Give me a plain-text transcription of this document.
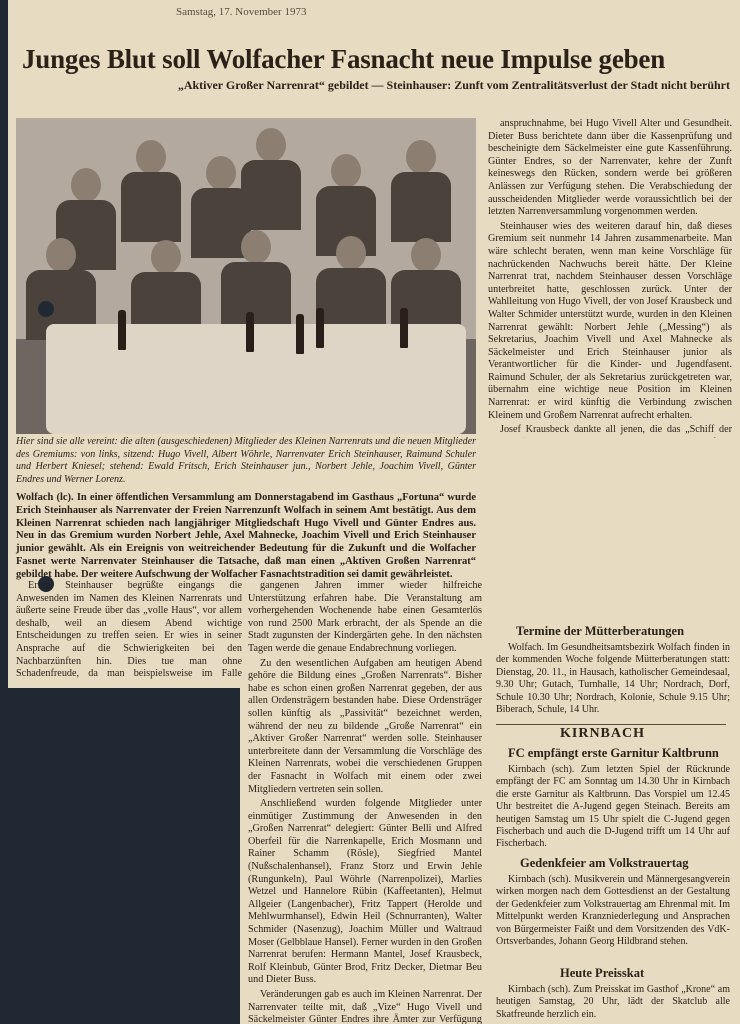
Samstag, 17. November 1973
Junges Blut soll Wolfacher Fasnacht neue Impulse geben
„Aktiver Großer Narrenrat“ gebildet — Steinhauser: Zunft vom Zentralitätsverlust der Stadt nicht berührt
Hier sind sie alle vereint: die alten (ausgeschiedenen) Mitglieder des Kleinen Narrenrats und die neuen Mitglieder des Gremiums: von links, sitzend: Hugo Vivell, Albert Wöhrle, Narrenvater Erich Steinhauser, Raimund Schuler und Herbert Kniesel; stehend: Ewald Fritsch, Erich Steinhauser jun., Norbert Jehle, Joachim Vivell, Günter Endres und Werner Lorenz.
Wolfach (lc). In einer öffentlichen Versammlung am Donnerstagabend im Gasthaus „Fortuna“ wurde Erich Steinhauser als Narrenvater der Freien Narrenzunft Wolfach in seinem Amt bestätigt. Aus dem Kleinen Narrenrat schieden nach langjähriger Mitgliedschaft Hugo Vivell und Günter Endres aus. Neu in das Gremium wurden Norbert Jehle, Axel Mahnecke, Joachim Vivell und Erich Steinhauser junior gewählt. Als ein Ereignis von weitreichender Bedeutung für die Zukunft und die Wolfacher Fasnet werte Narrenvater Steinhauser die Tatsache, daß man einen „Aktiven Großen Narrenrat“ gebildet habe. Der weitere Aufschwung der Wolfacher Fasnachtstradition sei damit gewährleistet.

Erich Steinhauser begrüßte eingangs die Anwesenden im Namen des Kleinen Narrenrats und äußerte seine Freude über das „volle Haus“, vor allem deshalb, weil an diesem Abend wichtige Entscheidungen zu treffen seien. Er wies in seiner Ansprache auf die Schwierigkeiten bei den Nachbarzünften hin. Dies tue man ohne Schadenfreude, da man beispielsweise im Falle

gangenen Jahren immer wieder hilfreiche Unterstützung erfahren habe. Die Veranstaltung am vorhergehenden Wochenende habe einen Gesamterlös von rund 2500 Mark erbracht, der als Spende an die Stadt zugunsten der Kindergärten gehe. In den nächsten Tagen werde die genaue Endabrechnung vorliegen.

Zu den wesentlichen Aufgaben am heutigen Abend gehöre die Bildung eines „Großen Narrenrats“. Bisher habe es schon einen großen Narrenrat gegeben, der aus allen Ordensträgern bestanden habe. Diese Ordensträger sollen künftig als „Passivität“ bezeichnet werden, während der neu zu bildende „Große Narrenrat“ ein „Aktiver Großer Narrenrat“ werden solle. Steinhauser unterbreitete dann der Versammlung die Vorschläge des Kleinen Narrenrats, wobei die verschiedenen Gruppen der Fasnacht in Wolfach mit einem oder zwei Mitgliedern vertreten sein sollen.

Anschließend wurden folgende Mitglieder unter einmütiger Zustimmung der Anwesenden in den „Großen Narrenrat“ delegiert: Günter Belli und Alfred Oberfeil für die Narrenkapelle, Erich Mosmann und Rainer Schamm (Rösle), Siegfried Mantel (Nußschalenhansel), Franz Storz und Erwin Jehle (Rungunkeln), Paul Wöhrle (Narrenpolizei), Marlies Wetzel und Hannelore Rübin (Kaffeetanten), Helmut Allgeier (Langenbacher), Fritz Tappert (Herolde und Mehlwurmhansel), Edwin Heil (Schnurranten), Walter Schmider (Nasenzug), Joachim Müller und Waltraud Moser (Gelbblaue Hansel). Ferner wurden in den Großen Narrenrat berufen: Hermann Mantel, Josef Krausbeck, Rolf Kleinbub, Günter Brod, Fritz Decker, Dietmar Beu und Dieter Buss.

Veränderungen gab es auch im Kleinen Narrenrat. Der Narrenvater teilte mit, daß „Vize“ Hugo Vivell und Säckelmeister Günter Endres ihre Ämter zur Verfügung

anspruchnahme, bei Hugo Vivell Alter und Gesundheit. Dieter Buss berichtete dann über die Kassenprüfung und bescheinigte dem Säckelmeister eine gute Kassenführung. Günter Endres, so der Narrenvater, kehre der Zunft keineswegs den Rücken, sondern werde bei größeren Anlässen zur Verfügung stehen. Die Verabschiedung der ausscheidenden Mitglieder werde voraussichtlich bei der letzten Narrenversammlung vorgenommen werden.

Steinhauser wies des weiteren darauf hin, daß dieses Gremium seit nunmehr 14 Jahren zusammenarbeite. Man wäre schlecht beraten, wenn man keine Vorschläge für nachrückenden Nachwuchs bereit hätte. Der Kleine Narrenrat trat, nachdem Steinhauser dessen Vorschläge unterbreitet hatte, geschlossen zurück. Unter der Wahlleitung von Hugo Vivell, der von Josef Krausbeck und Walter Schmider unterstützt wurde, wurden in den Kleinen Narrenrat gewählt: Norbert Jehle („Messing“) als Sekretarius, Joachim Vivell und Axel Mahnecke als Säckelmeister und Erich Steinhauser junior als Verantwortlicher für die Kinder- und Jugendfasent. Raimund Schuler, der als Sekretarius zurückgetreten war, übernahm eine wichtige neue Position im Kleinen Narrenrat: er wird künftig die Verbindung zwischen Kleinem und Großem Narrenrat aufrecht erhalten.

Josef Krausbeck dankte all jenen, die das „Schiff der

Termine der Mütterberatungen

Wolfach. Im Gesundheitsamtsbezirk Wolfach finden in der kommenden Woche folgende Mütterberatungen statt: Dienstag, 20. 11., in Hausach, katholischer Gemeindesaal, 9.30 Uhr; Gutach, Turnhalle, 14 Uhr; Nordrach, Dorf, Schule 10.30 Uhr; Nordrach, Kolonie, Schule 9.15 Uhr; Biberach, Schule, 14 Uhr.

KIRNBACH
FC empfängt erste Garnitur Kaltbrunn

Kirnbach (sch). Zum letzten Spiel der Rückrunde empfängt der FC am Sonntag um 14.30 Uhr in Kirnbach die erste Garnitur als Kaltbrunn. Das Vorspiel um 12.45 Uhr bestreitet die A-Jugend gegen Steinach. Bereits am heutigen Samstag um 15 Uhr spielt die C-Jugend gegen Fischerbach und auch die D-Jugend trifft um 14 Uhr auf Fischerbach.

Gedenkfeier am Volkstrauertag

Kirnbach (sch). Musikverein und Männergesangverein wirken morgen nach dem Gottesdienst an der Gestaltung der Gedenkfeier zum Volkstrauertag am Ehrenmal mit. Im Mittelpunkt werden Kranzniederlegung und Ansprachen von Bürgermeister Faißt und dem Vorsitzenden des VdK-Ortsverbandes, Johann Georg Hildbrand stehen.

Heute Preisskat

Kirnbach (sch). Zum Preisskat im Gasthof „Krone“ am heutigen Samstag, 20 Uhr, lädt der Skatclub alle Skatfreunde herzlich ein.
